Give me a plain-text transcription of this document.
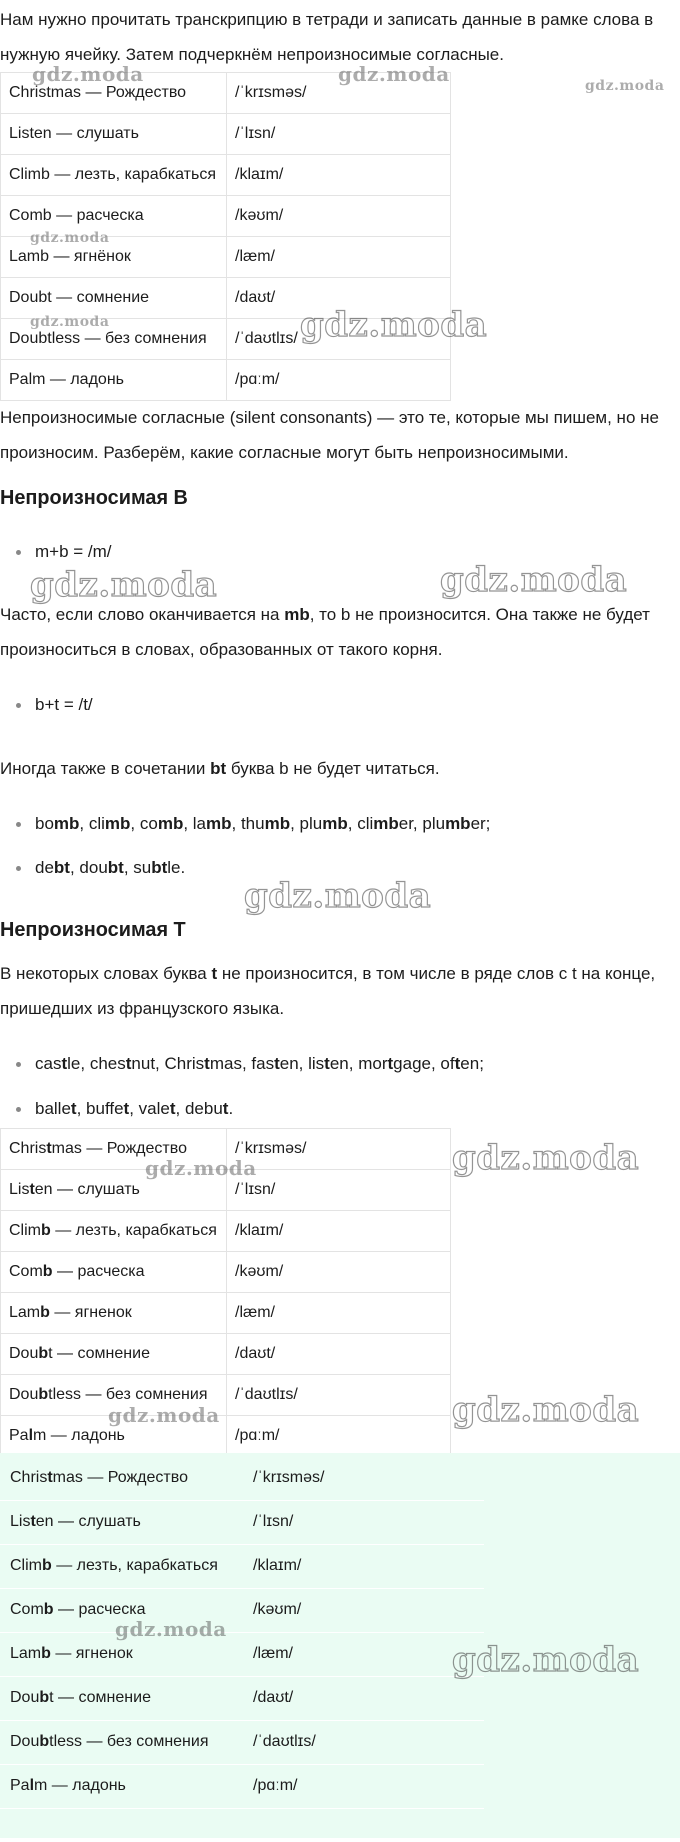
Нам нужно прочитать транскрипцию в тетради и записать данные в рамке слова в нужную ячейку. Затем подчеркнём непроизносимые согласные.

Christmas — Рождество	/ˈkrɪsməs/
Listen — слушать	/ˈlɪsn/
Climb — лезть, карабкаться	/klaɪm/
Comb — расческа	/kəʊm/
Lamb — ягнёнок	/læm/
Doubt — сомнение	/daʊt/
Doubtless — без сомнения	/ˈdaʊtlɪs/
Palm — ладонь	/pɑːm/

Непроизносимые согласные (silent consonants) — это те, которые мы пишем, но не произносим. Разберём, какие согласные могут быть непроизносимыми.

Непроизносимая B
m+b = /m/

Часто, если слово оканчивается на mb, то b не произносится. Она также не будет произноситься в словах, образованных от такого корня.

b+t = /t/

Иногда также в сочетании bt буква b не будет читаться.

bomb, climb, comb, lamb, thumb, plumb, climber, plumber;
debt, doubt, subtle.
Непроизносимая T

В некоторых словах буква t не произносится, в том числе в ряде слов с t на конце, пришедших из французского языка.

castle, chestnut, Christmas, fasten, listen, mortgage, often;
ballet, buffet, valet, debut.
Christmas — Рождество	/ˈkrɪsməs/
Listen — слушать	/ˈlɪsn/
Climb — лезть, карабкаться	/klaɪm/
Comb — расческа	/kəʊm/
Lamb — ягненок	/læm/
Doubt — сомнение	/daʊt/
Doubtless — без сомнения	/ˈdaʊtlɪs/
Palm — ладонь	/pɑːm/
Christmas — Рождество	/ˈkrɪsməs/
Listen — слушать	/ˈlɪsn/
Climb — лезть, карабкаться	/klaɪm/
Comb — расческа	/kəʊm/
Lamb — ягненок	/læm/
Doubt — сомнение	/daʊt/
Doubtless — без сомнения	/ˈdaʊtlɪs/
Palm — ладонь	/pɑːm/
gdz.moda	gdz.moda	gdz.moda
gdz.moda
gdz.moda	gdz.moda
gdz.moda	gdz.moda
gdz.moda
gdz.moda	gdz.moda
gdz.moda	gdz.moda
gdz.moda
